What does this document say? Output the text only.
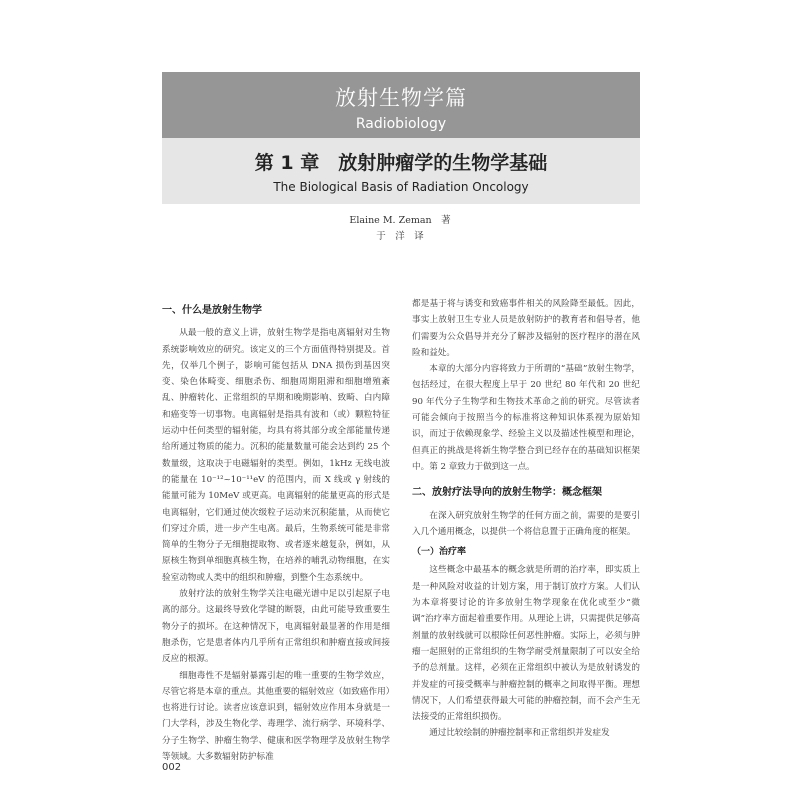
放射生物学篇
Radiobiology
第 1 章　放射肿瘤学的生物学基础
The Biological Basis of Radiation Oncology
Elaine M. Zeman　著
于　洋　译

一、什么是放射生物学

从最一般的意义上讲，放射生物学是指电离辐射对生物系统影响效应的研究。该定义的三个方面值得特别提及。首先，仅举几个例子，影响可能包括从 DNA 损伤到基因突变、染色体畸变、细胞杀伤、细胞周期阻滞和细胞增殖紊乱、肿瘤转化、正常组织的早期和晚期影响、致畸、白内障和癌变等一切事物。电离辐射是指具有波和（或）颗粒特征运动中任何类型的辐射能，均具有将其部分或全部能量传递给所通过物质的能力。沉积的能量数量可能会达到约 25 个数量级，这取决于电磁辐射的类型。例如，1kHz 无线电波的能量在 10⁻¹²~10⁻¹¹eV 的范围内，而 X 线或 γ 射线的能量可能为 10MeV 或更高。电离辐射的能量更高的形式是电离辐射，它们通过使次级粒子运动来沉积能量，从而使它们穿过介质，进一步产生电离。最后，生物系统可能是非常简单的生物分子无细胞提取物、或者逐来越复杂，例如，从原核生物到单细胞真核生物，在培养的哺乳动物细胞，在实验室动物或人类中的组织和肿瘤，到整个生态系统中。

放射疗法的放射生物学关注电磁光谱中足以引起原子电离的部分。这最终导致化学键的断裂，由此可能导致重要生物分子的损坏。在这种情况下，电离辐射最显著的作用是细胞杀伤，它是患者体内几乎所有正常组织和肿瘤直接或间接反应的根源。

细胞毒性不是辐射暴露引起的唯一重要的生物学效应，尽管它将是本章的重点。其他重要的辐射效应（如致癌作用）也将进行讨论。读者应该意识到，辐射效应作用本身就是一门大学科，涉及生物化学、毒理学、流行病学、环境科学、分子生物学、肿瘤生物学、健康和医学物理学及放射生物学等领域。大多数辐射防护标准

都是基于将与诱变和致癌事件相关的风险降至最低。因此，事实上放射卫生专业人员是放射防护的教育者和倡导者，他们需要为公众倡导并充分了解涉及辐射的医疗程序的潜在风险和益处。

本章的大部分内容将致力于所谓的“基础”放射生物学，包括经过，在很大程度上早于 20 世纪 80 年代和 20 世纪 90 年代分子生物学和生物技术革命之前的研究。尽管读者可能会倾向于按照当今的标准将这种知识体系视为原始知识，而过于依赖现象学、经验主义以及描述性模型和理论，但真正的挑战是将新生物学整合到已经存在的基础知识框架中。第 2 章致力于做到这一点。

二、放射疗法导向的放射生物学：概念框架

在深入研究放射生物学的任何方面之前，需要的是要引入几个通用概念，以提供一个将信息置于正确角度的框架。

（一）治疗率

这些概念中最基本的概念就是所谓的治疗率，即实质上是一种风险对收益的计划方案，用于制订放疗方案。人们认为本章将要讨论的许多放射生物学现象在优化或至少“微调”治疗率方面起着重要作用。从理论上讲，只需提供足够高剂量的放射线就可以根除任何恶性肿瘤。实际上，必须与肿瘤一起照射的正常组织的生物学耐受剂量限制了可以安全给予的总剂量。这样，必须在正常组织中被认为是放射诱发的并发症的可接受概率与肿瘤控制的概率之间取得平衡。理想情况下，人们希望获得最大可能的肿瘤控制，而不会产生无法接受的正常组织损伤。

通过比较绘制的肿瘤控制率和正常组织并发症发

002
